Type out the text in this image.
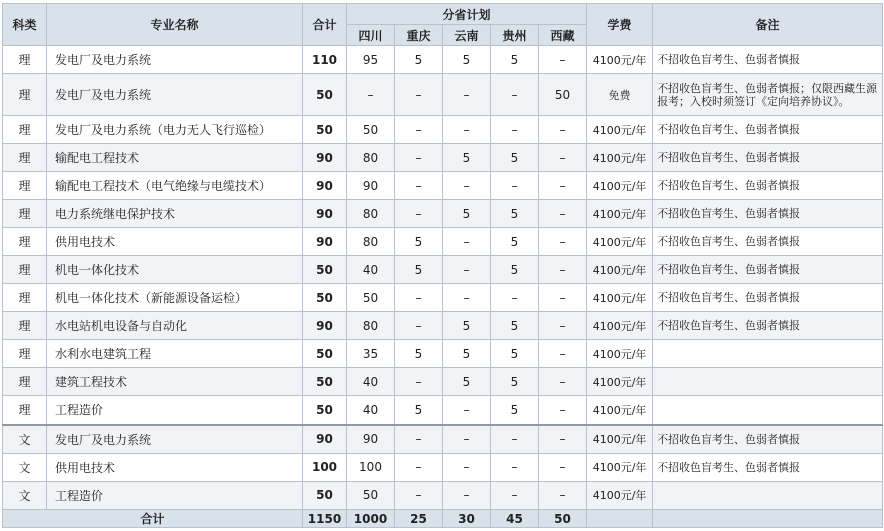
科类	专业名称	合计	分省计划					学费	备注
			四川	重庆	云南	贵州	西藏		
理	发电厂及电力系统	110	95	5	5	5	–	4100元/年	不招收色盲考生、色弱者慎报
理	发电厂及电力系统	50	–	–	–	–	50	免费	不招收色盲考生、色弱者慎报；仅限西藏生源报考；入校时须签订《定向培养协议》。
理	发电厂及电力系统（电力无人飞行巡检）	50	50	–	–	–	–	4100元/年	不招收色盲考生、色弱者慎报
理	输配电工程技术	90	80	–	5	5	–	4100元/年	不招收色盲考生、色弱者慎报
理	输配电工程技术（电气绝缘与电缆技术）	90	90	–	–	–	–	4100元/年	不招收色盲考生、色弱者慎报
理	电力系统继电保护技术	90	80	–	5	5	–	4100元/年	不招收色盲考生、色弱者慎报
理	供用电技术	90	80	5	–	5	–	4100元/年	不招收色盲考生、色弱者慎报
理	机电一体化技术	50	40	5	–	5	–	4100元/年	不招收色盲考生、色弱者慎报
理	机电一体化技术（新能源设备运检）	50	50	–	–	–	–	4100元/年	不招收色盲考生、色弱者慎报
理	水电站机电设备与自动化	90	80	–	5	5	–	4100元/年	不招收色盲考生、色弱者慎报
理	水利水电建筑工程	50	35	5	5	5	–	4100元/年	
理	建筑工程技术	50	40	–	5	5	–	4100元/年	
理	工程造价	50	40	5	–	5	–	4100元/年	
文	发电厂及电力系统	90	90	–	–	–	–	4100元/年	不招收色盲考生、色弱者慎报
文	供用电技术	100	100	–	–	–	–	4100元/年	不招收色盲考生、色弱者慎报
文	工程造价	50	50	–	–	–	–	4100元/年	
合计		1150	1000	25	30	45	50		
